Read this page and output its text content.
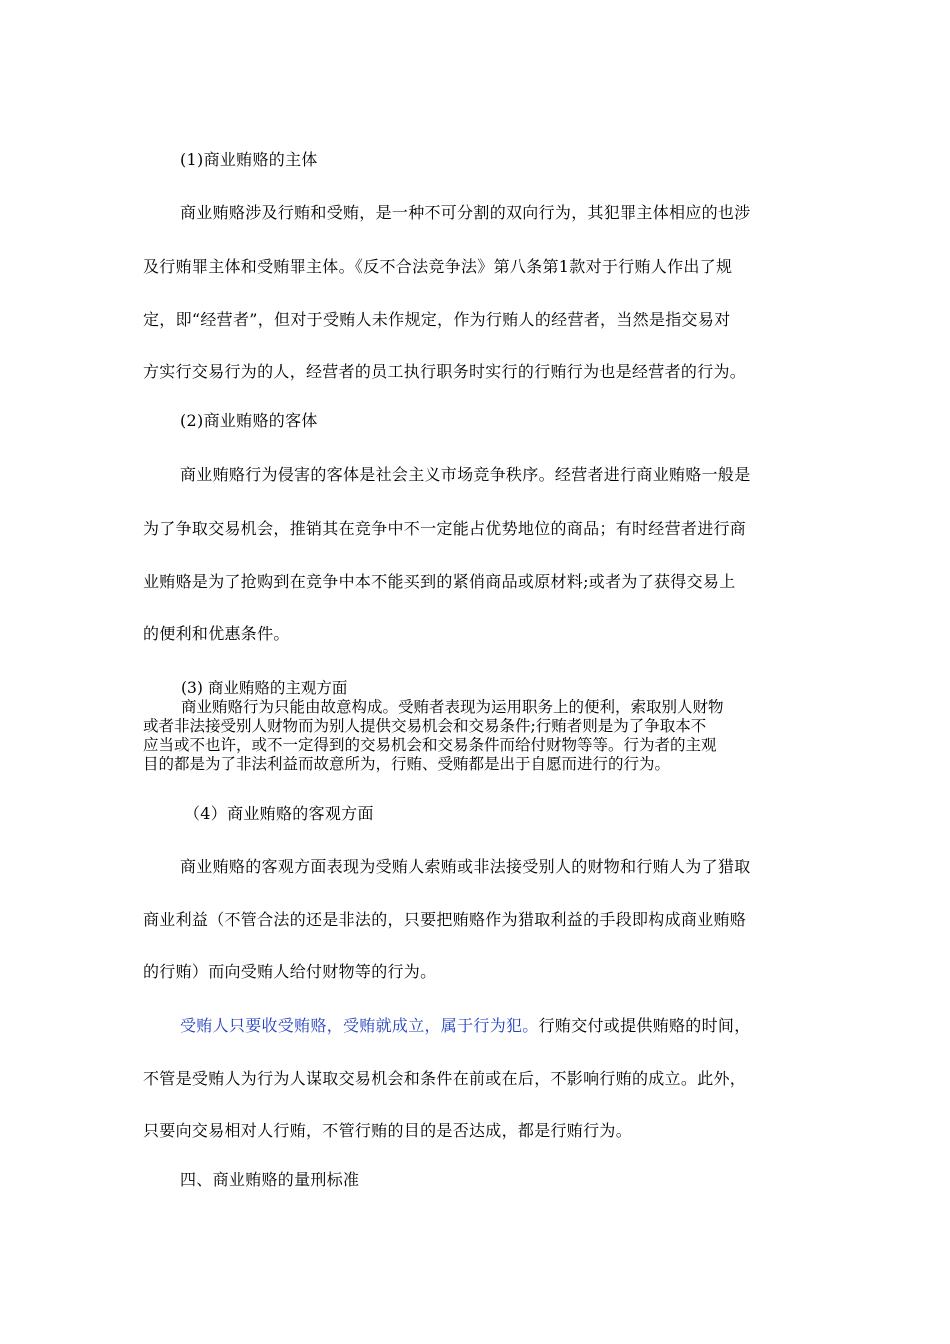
(1)商业贿赂的主体
商业贿赂涉及行贿和受贿，是一种不可分割的双向行为，其犯罪主体相应的也涉
及行贿罪主体和受贿罪主体。《反不合法竞争法》第八条第1款对于行贿人作出了规
定，即“经营者”，但对于受贿人未作规定，作为行贿人的经营者，当然是指交易对
方实行交易行为的人，经营者的员工执行职务时实行的行贿行为也是经营者的行为。
(2)商业贿赂的客体
商业贿赂行为侵害的客体是社会主义市场竞争秩序。经营者进行商业贿赂一般是
为了争取交易机会，推销其在竞争中不一定能占优势地位的商品；有时经营者进行商
业贿赂是为了抢购到在竞争中本不能买到的紧俏商品或原材料;或者为了获得交易上
的便利和优惠条件。
(3) 商业贿赂的主观方面
商业贿赂行为只能由故意构成。受贿者表现为运用职务上的便利，索取别人财物
或者非法接受别人财物而为别人提供交易机会和交易条件;行贿者则是为了争取本不
应当或不也许，或不一定得到的交易机会和交易条件而给付财物等等。行为者的主观
目的都是为了非法利益而故意所为，行贿、受贿都是出于自愿而进行的行为。
（4）商业贿赂的客观方面
商业贿赂的客观方面表现为受贿人索贿或非法接受别人的财物和行贿人为了猎取
商业利益（不管合法的还是非法的，只要把贿赂作为猎取利益的手段即构成商业贿赂
的行贿）而向受贿人给付财物等的行为。
受贿人只要收受贿赂，受贿就成立，属于行为犯。行贿交付或提供贿赂的时间，
不管是受贿人为行为人谋取交易机会和条件在前或在后，不影响行贿的成立。此外，
只要向交易相对人行贿，不管行贿的目的是否达成，都是行贿行为。
四、商业贿赂的量刑标准
